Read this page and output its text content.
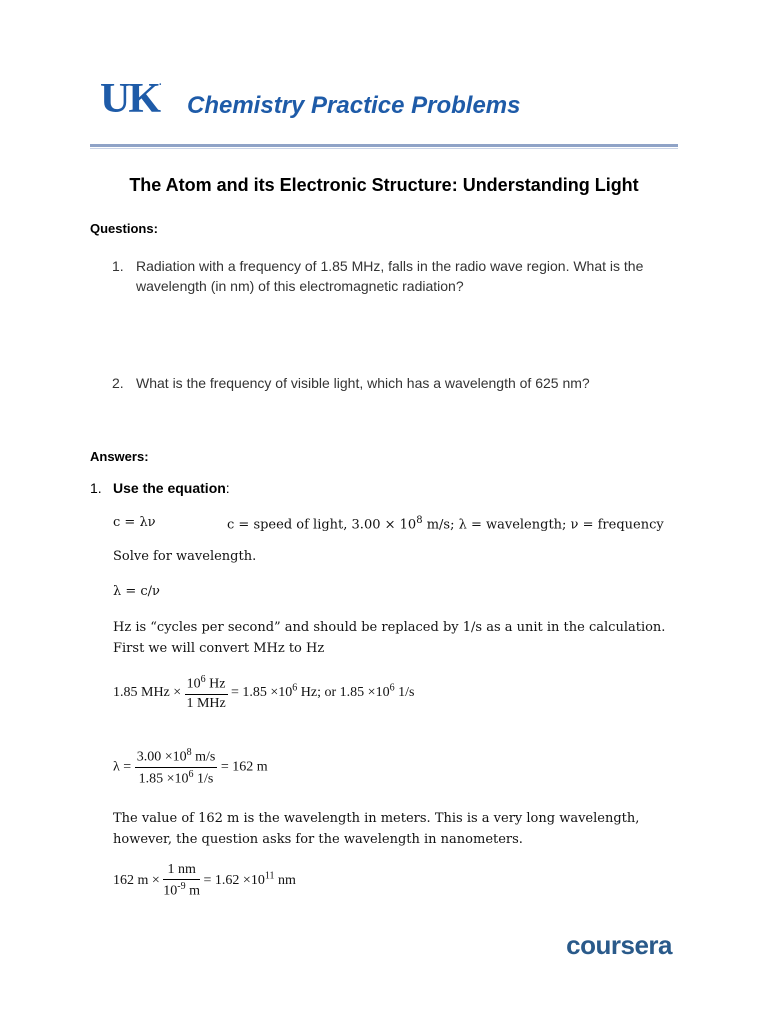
UK.
Chemistry Practice Problems
The Atom and its Electronic Structure: Understanding Light
Questions:
1. Radiation with a frequency of 1.85 MHz, falls in the radio wave region. What is the wavelength (in nm) of this electromagnetic radiation?
2. What is the frequency of visible light, which has a wavelength of 625 nm?
Answers:
1. Use the equation:
c = λν	c = speed of light, $3.00 \times 10^8$ m/s; λ = wavelength; ν = frequency
Solve for wavelength.
λ = c/ν
Hz is “cycles per second” and should be replaced by 1/s as a unit in the calculation. First we will convert MHz to Hz
1.85 MHz × $\frac{10^6 Hz}{\text{1 MHz}} = 1.85 \times 10^6$ Hz; or $1.85 \times 10^6$ 1/s
$\lambda = \frac{3.00 \times 10^8 m/s}{1.85 \times 10^6 1/s} = 162$ m
The value of 162 m is the wavelength in meters. This is a very long wavelength, however, the question asks for the wavelength in nanometers.
162 $m \times \frac{1 nm}{10^{-9} m} = 1.62 \times 10^{11}$ nm
coursera
